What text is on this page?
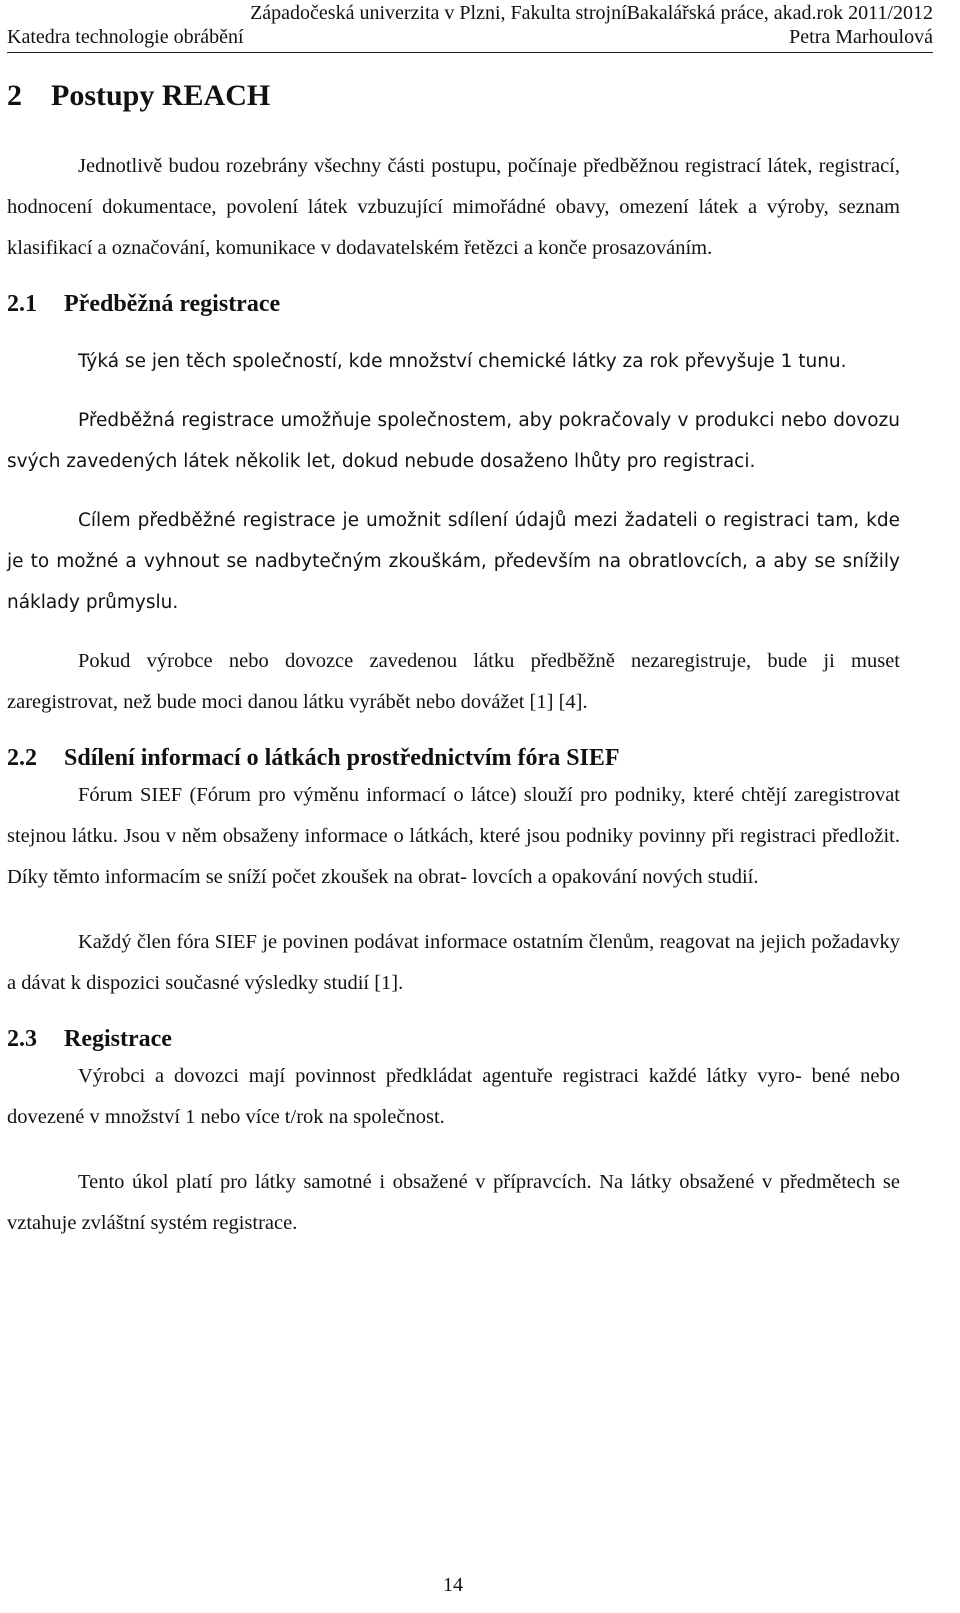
Západočeská univerzita v Plzni, Fakulta strojníBakalářská práce, akad.rok 2011/2012
Katedra technologie obrábění	Petra Marhoulová
2 Postupy REACH

Jednotlivě budou rozebrány všechny části postupu, počínaje předběžnou registrací látek, registrací, hodnocení dokumentace, povolení látek vzbuzující mimořádné obavy, omezení látek a výroby, seznam klasifikací a označování, komunikace v dodavatelském řetězci a konče prosazováním.

2.1 Předběžná registrace

Týká se jen těch společností, kde množství chemické látky za rok převyšuje 1 tunu.

Předběžná registrace umožňuje společnostem, aby pokračovaly v produkci nebo dovozu svých zavedených látek několik let, dokud nebude dosaženo lhůty pro registraci.

Cílem předběžné registrace je umožnit sdílení údajů mezi žadateli o registraci tam, kde je to možné a vyhnout se nadbytečným zkouškám, především na obratlovcích, a aby se snížily náklady průmyslu.

Pokud výrobce nebo dovozce zavedenou látku předběžně nezaregistruje, bude ji muset zaregistrovat, než bude moci danou látku vyrábět nebo dovážet [1] [4].

2.2 Sdílení informací o látkách prostřednictvím fóra SIEF

Fórum SIEF (Fórum pro výměnu informací o látce) slouží pro podniky, které chtějí zaregistrovat stejnou látku. Jsou v něm obsaženy informace o látkách, které jsou podniky povinny při registraci předložit. Díky těmto informacím se sníží počet zkoušek na obrat- lovcích a opakování nových studií.

Každý člen fóra SIEF je povinen podávat informace ostatním členům, reagovat na jejich požadavky a dávat k dispozici současné výsledky studií [1].

2.3 Registrace

Výrobci a dovozci mají povinnost předkládat agentuře registraci každé látky vyro- bené nebo dovezené v množství 1 nebo více t/rok na společnost.

Tento úkol platí pro látky samotné i obsažené v přípravcích. Na látky obsažené v předmětech se vztahuje zvláštní systém registrace.

14
